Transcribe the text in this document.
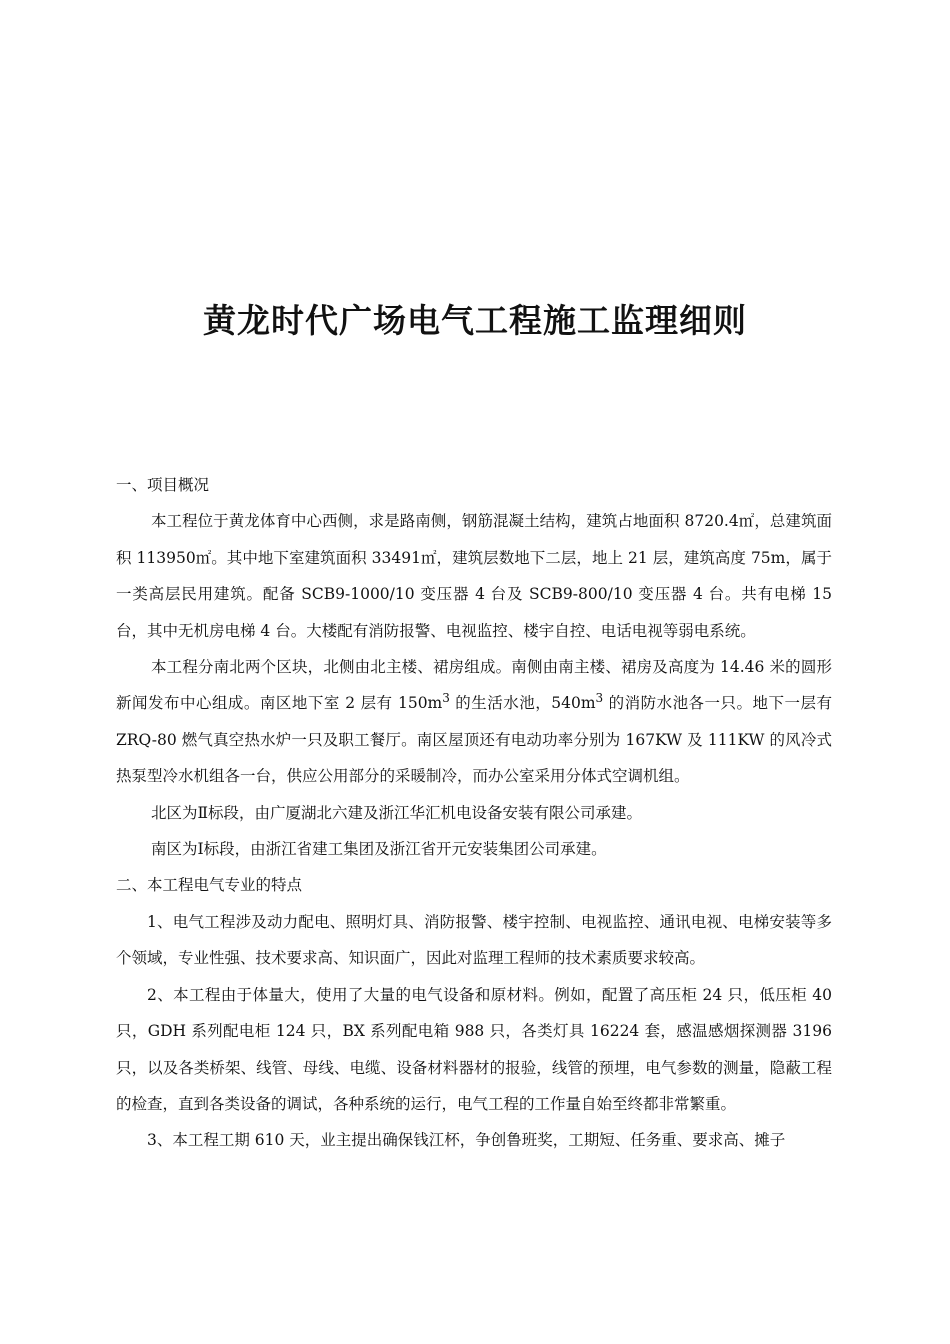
黄龙时代广场电气工程施工监理细则

一、项目概况

本工程位于黄龙体育中心西侧，求是路南侧，钢筋混凝土结构，建筑占地面积 8720.4㎡，总建筑面积 113950㎡。其中地下室建筑面积 33491㎡，建筑层数地下二层，地上 21 层，建筑高度 75m，属于一类高层民用建筑。配备 SCB9-1000/10 变压器 4 台及 SCB9-800/10 变压器 4 台。共有电梯 15 台，其中无机房电梯 4 台。大楼配有消防报警、电视监控、楼宇自控、电话电视等弱电系统。

本工程分南北两个区块，北侧由北主楼、裙房组成。南侧由南主楼、裙房及高度为 14.46 米的圆形新闻发布中心组成。南区地下室 2 层有 $150m^3$ 的生活水池，$540m^3$ 的消防水池各一只。地下一层有 ZRQ-80 燃气真空热水炉一只及职工餐厅。南区屋顶还有电动功率分别为 167KW 及 111KW 的风冷式热泵型冷水机组各一台，供应公用部分的采暖制冷，而办公室采用分体式空调机组。

北区为Ⅱ标段，由广厦湖北六建及浙江华汇机电设备安装有限公司承建。

南区为Ⅰ标段，由浙江省建工集团及浙江省开元安装集团公司承建。

二、本工程电气专业的特点

1、电气工程涉及动力配电、照明灯具、消防报警、楼宇控制、电视监控、通讯电视、电梯安装等多个领域，专业性强、技术要求高、知识面广，因此对监理工程师的技术素质要求较高。

2、本工程由于体量大，使用了大量的电气设备和原材料。例如，配置了高压柜 24 只，低压柜 40 只，GDH 系列配电柜 124 只，BX 系列配电箱 988 只，各类灯具 16224 套，感温感烟探测器 3196 只，以及各类桥架、线管、母线、电缆、设备材料器材的报验，线管的预埋，电气参数的测量，隐蔽工程的检查，直到各类设备的调试，各种系统的运行，电气工程的工作量自始至终都非常繁重。

3、本工程工期 610 天，业主提出确保钱江杯，争创鲁班奖，工期短、任务重、要求高、摊子
